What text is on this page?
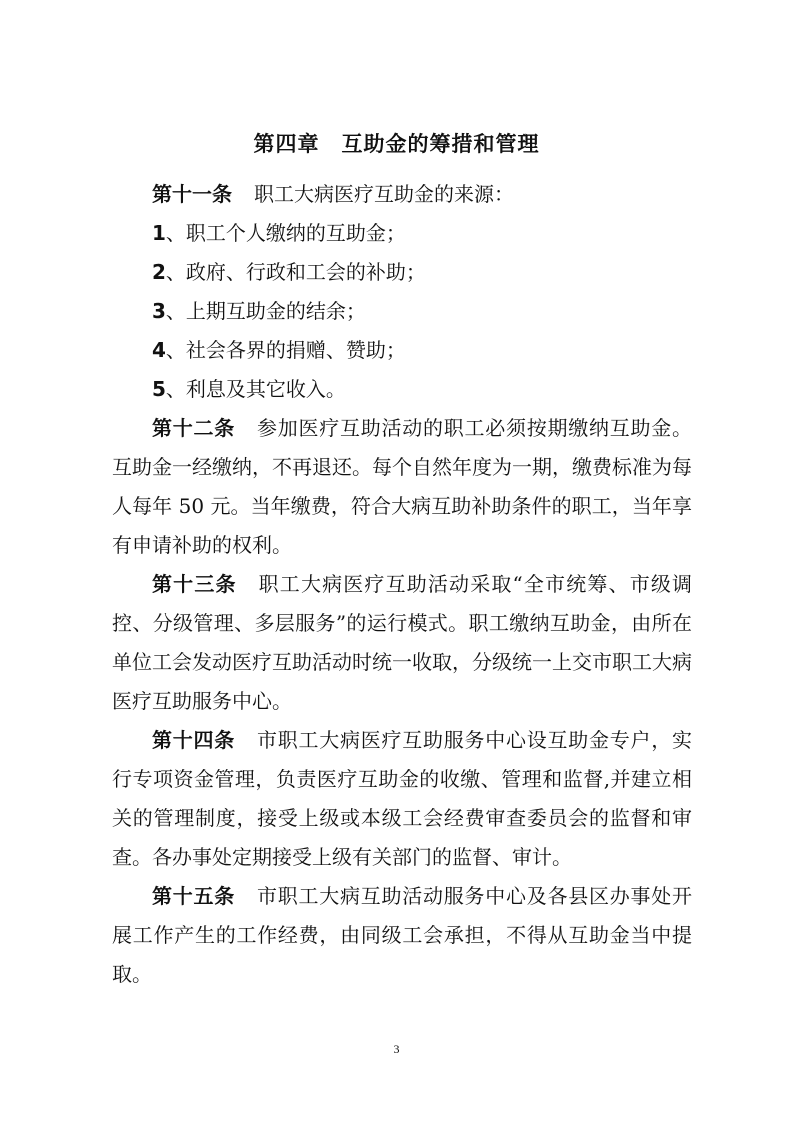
第四章　互助金的筹措和管理

第十一条 职工大病医疗互助金的来源：

1、职工个人缴纳的互助金；

2、政府、行政和工会的补助；

3、上期互助金的结余；

4、社会各界的捐赠、赞助；

5、利息及其它收入。

第十二条 参加医疗互助活动的职工必须按期缴纳互助金。互助金一经缴纳，不再退还。每个自然年度为一期，缴费标准为每人每年 50 元。当年缴费，符合大病互助补助条件的职工，当年享有申请补助的权利。

第十三条 职工大病医疗互助活动采取“全市统筹、市级调控、分级管理、多层服务”的运行模式。职工缴纳互助金，由所在单位工会发动医疗互助活动时统一收取，分级统一上交市职工大病医疗互助服务中心。

第十四条 市职工大病医疗互助服务中心设互助金专户，实行专项资金管理，负责医疗互助金的收缴、管理和监督,并建立相关的管理制度，接受上级或本级工会经费审查委员会的监督和审查。各办事处定期接受上级有关部门的监督、审计。

第十五条 市职工大病互助活动服务中心及各县区办事处开展工作产生的工作经费，由同级工会承担，不得从互助金当中提取。

3
